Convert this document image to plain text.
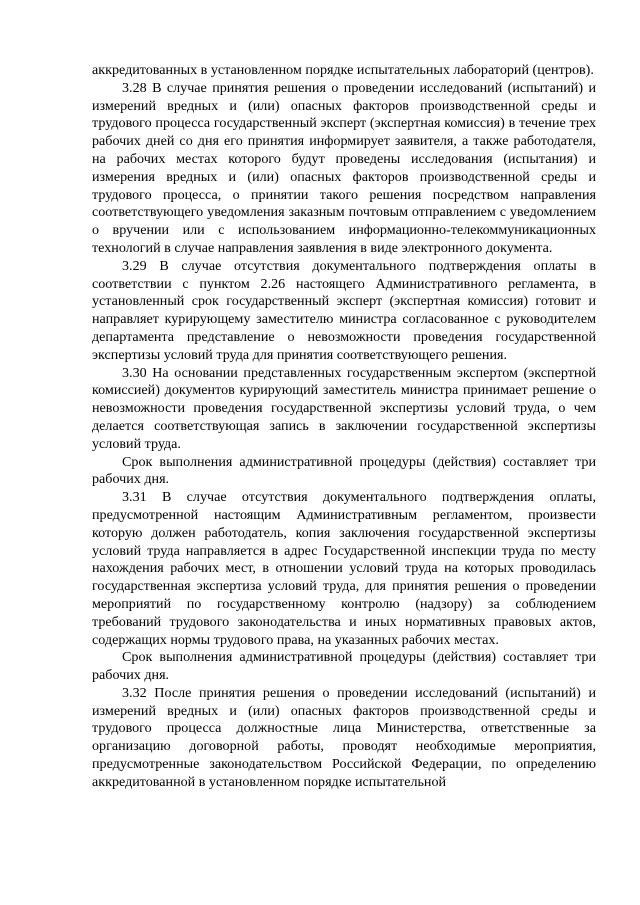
аккредитованных в установленном порядке испытательных лабораторий (центров).

3.28 В случае принятия решения о проведении исследований (испытаний) и измерений вредных и (или) опасных факторов производственной среды и трудового процесса государственный эксперт (экспертная комиссия) в течение трех рабочих дней со дня его принятия информирует заявителя, а также работодателя, на рабочих местах которого будут проведены исследования (испытания) и измерения вредных и (или) опасных факторов производственной среды и трудового процесса, о принятии такого решения посредством направления соответствующего уведомления заказным почтовым отправлением с уведомлением о вручении или с использованием информационно-телекоммуникационных технологий в случае направления заявления в виде электронного документа.

3.29 В случае отсутствия документального подтверждения оплаты в соответствии с пунктом 2.26 настоящего Административного регламента, в установленный срок государственный эксперт (экспертная комиссия) готовит и направляет курирующему заместителю министра согласованное с руководителем департамента представление о невозможности проведения государственной экспертизы условий труда для принятия соответствующего решения.

3.30 На основании представленных государственным экспертом (экспертной комиссией) документов курирующий заместитель министра принимает решение о невозможности проведения государственной экспертизы условий труда, о чем делается соответствующая запись в заключении государственной экспертизы условий труда.

Срок выполнения административной процедуры (действия) составляет три рабочих дня.

3.31 В случае отсутствия документального подтверждения оплаты, предусмотренной настоящим Административным регламентом, произвести которую должен работодатель, копия заключения государственной экспертизы условий труда направляется в адрес Государственной инспекции труда по месту нахождения рабочих мест, в отношении условий труда на которых проводилась государственная экспертиза условий труда, для принятия решения о проведении мероприятий по государственному контролю (надзору) за соблюдением требований трудового законодательства и иных нормативных правовых актов, содержащих нормы трудового права, на указанных рабочих местах.

Срок выполнения административной процедуры (действия) составляет три рабочих дня.

3.32 После принятия решения о проведении исследований (испытаний) и измерений вредных и (или) опасных факторов производственной среды и трудового процесса должностные лица Министерства, ответственные за организацию договорной работы, проводят необходимые мероприятия, предусмотренные законодательством Российской Федерации, по определению аккредитованной в установленном порядке испытательной
